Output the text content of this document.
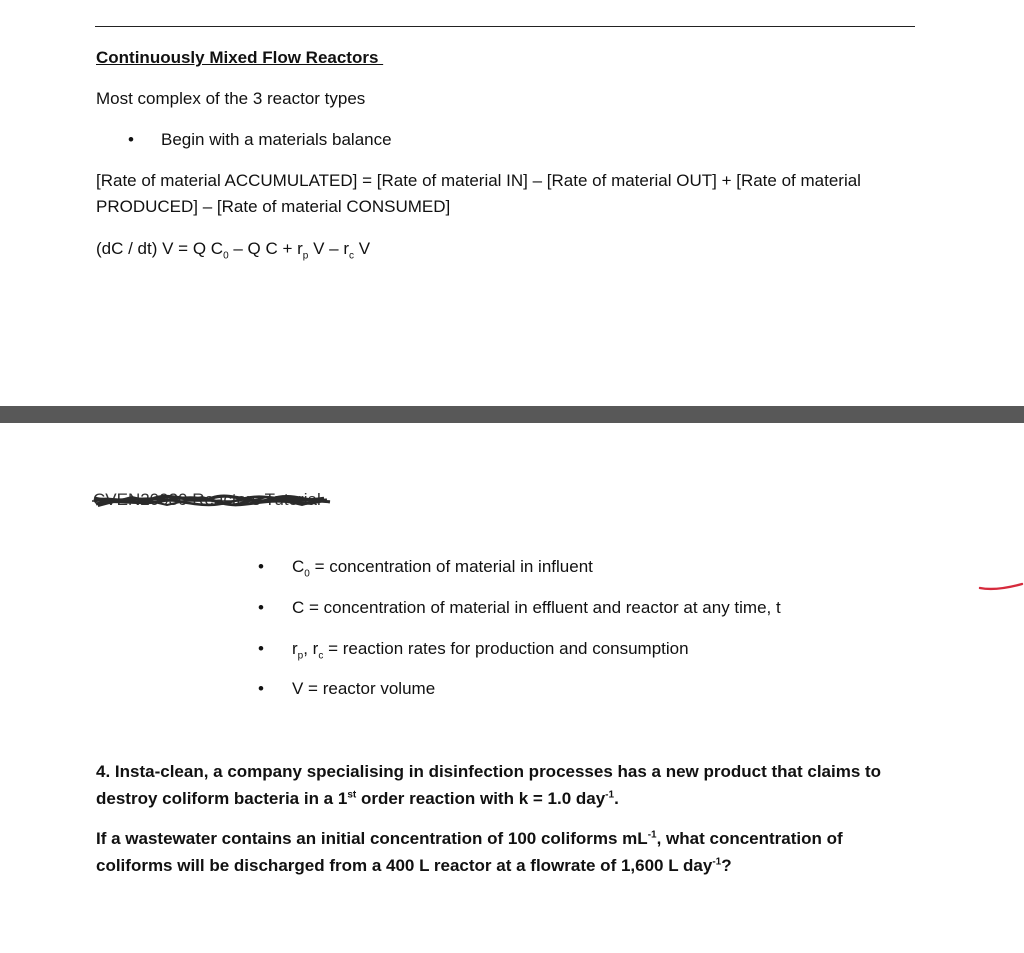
Continuously Mixed Flow Reactors
Most complex of the 3 reactor types
• Begin with a materials balance
[Rate of material ACCUMULATED] = [Rate of material IN] – [Rate of material OUT] + [Rate of material PRODUCED] – [Rate of material CONSUMED]
(dC / dt) V = Q $C_0$ – Q $C + r_p$ V – $r_c$ V
CVEN20030 Reactors Tutorial
• $C_0$ = concentration of material in influent
• C = concentration of material in effluent and reactor at any time, t
• $r_p$, $r_c$ = reaction rates for production and consumption
• V = reactor volume
4. Insta-clean, a company specialising in disinfection processes has a new product that claims to destroy coliform bacteria in a 1st order reaction with k = 1.0 day$^{-1}$.
If a wastewater contains an initial concentration of 100 coliforms $mL^{-1}$, what concentration of coliforms will be discharged from a 400 L reactor at a flowrate of 1,600 L day$^{-1}$?
